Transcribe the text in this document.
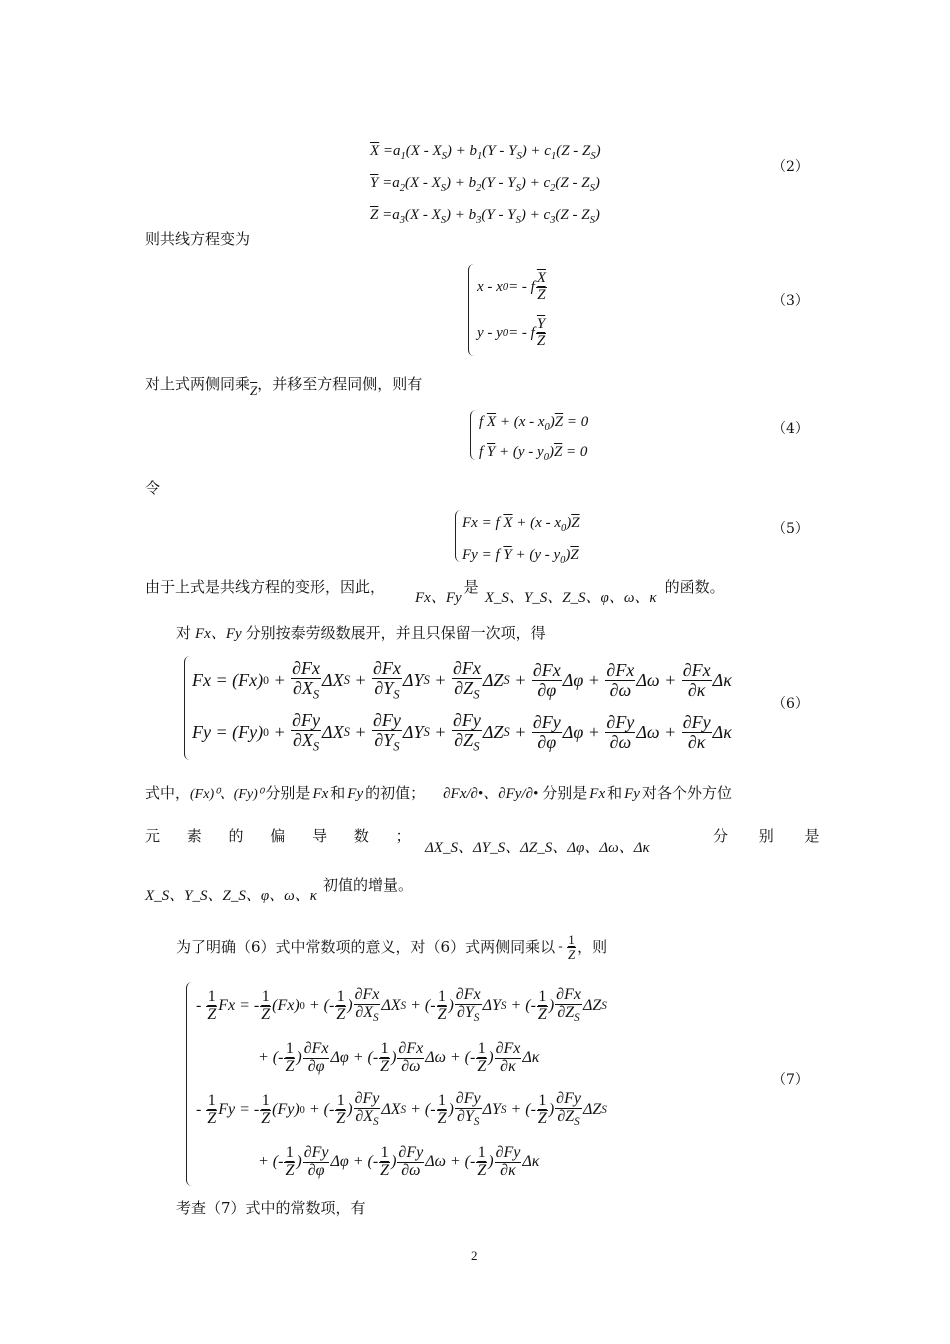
$\overline{X} =a_1(X - X_S) + b_1(Y - Y_S) + c_1(Z - Z_S)$
$\overline{Y} =a_2(X - X_S) + b_2(Y - Y_S) + c_2(Z - Z_S)$
$\overline{Z} =a_3(X - X_S) + b_3(Y - Y_S) + c_3(Z - Z_S)$
（2）
则共线方程变为
x - x 0 = - f $\frac{\overline{X}}{Z}$
y - y 0 = - f $\frac{\overline{Y}}{Z}$
（3）
对上式两侧同乘$\overline{Z}$，并移至方程同侧，则有
f $\overline{X} + (x - x_0)\overline{Z} = 0$
f $\overline{Y} + (y - y_0)\overline{Z} = 0$
（4）
令
Fx = f $\overline{X} + (x - x_0)\overline{Z}$
Fy = f $\overline{Y} + (y - y_0)\overline{Z}$
（5）
由于上式是共线方程的变形，因此，Fx、Fy是X_S、Y_S、Z_S、φ、ω、κ的函数。
对 Fx、Fy 分别按泰劳级数展开，并且只保留一次项，得
Fx = (Fx) $0 + \frac{\partial Fx}{\partial X_S}$ ΔX $S + \frac{\partial Fx}{\partial Y_S}$ ΔY $S + \frac{\partial Fx}{\partial Z_S}$ ΔZ $S + \frac{\partial Fx}{\partial\varphi}$ $\Delta\varphi + \frac{\partial Fx}{\partial\omega}$ $\Delta\omega + \frac{\partial Fx}{\partial\kappa}$ Δκ
Fy = (Fy) $0 + \frac{\partial Fy}{\partial X_S}$ ΔX $S + \frac{\partial Fy}{\partial Y_S}$ ΔY $S + \frac{\partial Fy}{\partial Z_S}$ ΔZ $S + \frac{\partial Fy}{\partial\varphi}$ $\Delta\varphi + \frac{\partial Fy}{\partial\omega}$ $\Delta\omega + \frac{\partial Fy}{\partial\kappa}$ Δκ
（6）
式中，(Fx)⁰、(Fy)⁰ 分别是 Fx 和 Fy 的初值； ∂Fx/∂•、∂Fy/∂• 分别是 Fx 和 Fy 对各个外方位
元 素 的 偏 导 数 ；
ΔX_S、ΔY_S、ΔZ_S、Δφ、Δω、Δκ
分 别 是
X_S、Y_S、Z_S、φ、ω、κ初值的增量。
为了明确（6）式中常数项的意义，对（6）式两侧同乘以 - $\frac{1}{Z}$ ，则
- $\frac{1}{Z}$ Fx = - $\frac{1}{Z} (Fx) 0$ + (- $\frac{1}{Z}$ ) $\frac{\partial Fx}{\partial X_S}$ ΔX S + (- $\frac{1}{Z}$ ) $\frac{\partial Fx}{\partial Y_S}$ ΔY S + (- $\frac{1}{Z}$ ) $\frac{\partial Fx}{\partial Z_S}$ ΔZ S
+ (- $\frac{1}{Z}$ ) $\frac{\partial Fx}{\partial\varphi}$ Δφ + (- $\frac{1}{Z}$ ) $\frac{\partial Fx}{\partial\omega}$ Δω + (- $\frac{1}{Z}$ ) $\frac{\partial Fx}{\partial\kappa}$ Δκ
- $\frac{1}{Z}$ Fy = - $\frac{1}{Z} (Fy) 0$ + (- $\frac{1}{Z}$ ) $\frac{\partial Fy}{\partial X_S}$ ΔX S + (- $\frac{1}{Z}$ ) $\frac{\partial Fy}{\partial Y_S}$ ΔY S + (- $\frac{1}{Z}$ ) $\frac{\partial Fy}{\partial Z_S}$ ΔZ S
+ (- $\frac{1}{Z}$ ) $\frac{\partial Fy}{\partial\varphi}$ Δφ + (- $\frac{1}{Z}$ ) $\frac{\partial Fy}{\partial\omega}$ Δω + (- $\frac{1}{Z}$ ) $\frac{\partial Fy}{\partial\kappa}$ Δκ
（7）
考查（7）式中的常数项，有
2
